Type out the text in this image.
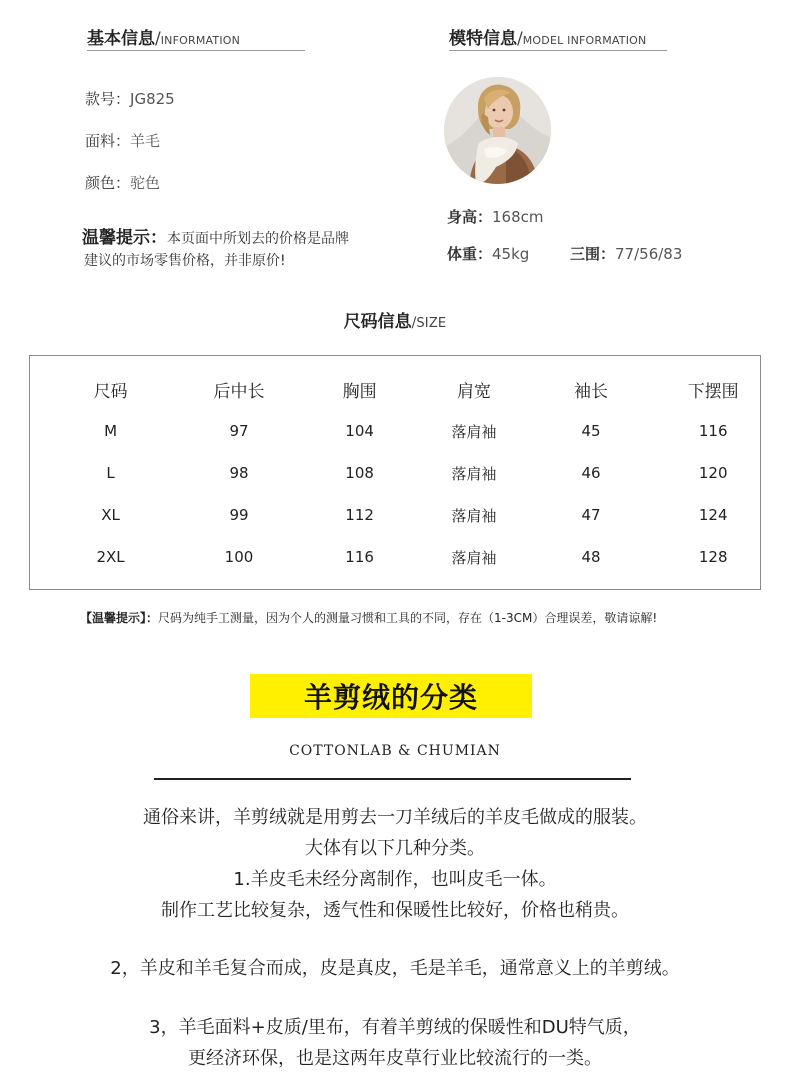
基本信息/INFORMATION
款号：JG825
面料：羊毛
颜色：驼色
温馨提示：本页面中所划去的价格是品牌
建议的市场零售价格，并非原价!
模特信息/MODEL INFORMATION
身高：168cm
体重：45kg	三围：77/56/83
尺码信息/SIZE
尺码	后中长	胸围	肩宽	袖长	下摆围
M	97	104	落肩袖	45	116
L	98	108	落肩袖	46	120
XL	99	112	落肩袖	47	124
2XL	100	116	落肩袖	48	128
【温馨提示】：尺码为纯手工测量，因为个人的测量习惯和工具的不同，存在（1-3CM）合理误差，敬请谅解!
羊剪绒的分类
COTTONLAB & CHUMIAN
通俗来讲，羊剪绒就是用剪去一刀羊绒后的羊皮毛做成的服装。
大体有以下几种分类。
1.羊皮毛未经分离制作，也叫皮毛一体。
制作工艺比较复杂，透气性和保暖性比较好，价格也稍贵。
2，羊皮和羊毛复合而成，皮是真皮，毛是羊毛，通常意义上的羊剪绒。
3，羊毛面料+皮质/里布，有着羊剪绒的保暖性和DU特气质，
更经济环保，也是这两年皮草行业比较流行的一类。
